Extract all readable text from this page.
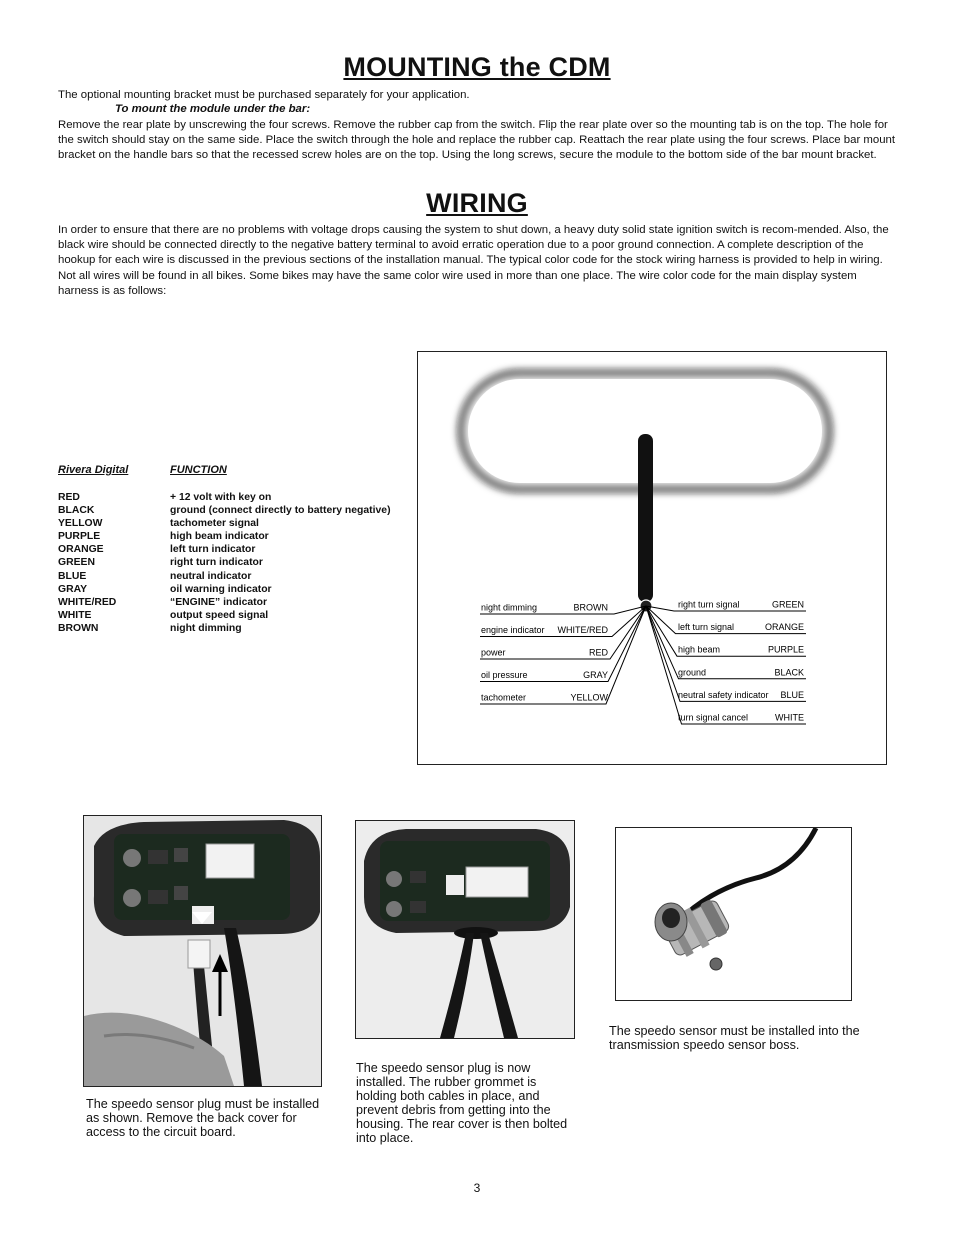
MOUNTING the CDM
The optional mounting bracket must be purchased separately for your application.
To mount the module under the bar:
Remove the rear plate by unscrewing the four screws. Remove the rubber cap from the switch. Flip the rear plate over so the mounting tab is on the top. The hole for the switch should stay on the same side. Place the switch through the hole and replace the rubber cap. Reattach the rear plate using the four screws. Place bar mount bracket on the handle bars so that the recessed screw holes are on the top. Using the long screws, secure the module to the bottom side of the bar mount bracket.
WIRING
In order to ensure that there are no problems with voltage drops causing the system to shut down, a heavy duty solid state ignition switch is recom-mended. Also, the black wire should be connected directly to the negative battery terminal to avoid erratic operation due to a poor ground connection. A complete description of the hookup for each wire is discussed in the previous sections of the installation manual. The typical color code for the stock wiring harness is provided to help in wiring. Not all wires will be found in all bikes. Some bikes may have the same color wire used in more than one place. The wire color code for the main display system harness is as follows:
Rivera Digital	FUNCTION
RED	+ 12 volt with key on
BLACK	ground (connect directly to battery negative)
YELLOW	tachometer signal
PURPLE	high beam indicator
ORANGE	left turn indicator
GREEN	right turn indicator
BLUE	neutral indicator
GRAY	oil warning indicator
WHITE/RED	“ENGINE” indicator
WHITE	output speed signal
BROWN	night dimming
night dimming	BROWN
engine indicator WHITE/RED
power	RED
oil pressure	GRAY
tachometer	YELLOW
right turn signal	GREEN
left turn signal	ORANGE
high beam	PURPLE
ground	BLACK
neutral safety indicator BLUE
turn signal cancel	WHITE
The speedo sensor plug must be installed as shown. Remove the back cover for access to the circuit board.
The speedo sensor plug is now installed. The rubber grommet is holding both cables in place, and prevent debris from getting into the housing. The rear cover is then bolted into place.
The speedo sensor must be installed into the transmission speedo sensor boss.
3
